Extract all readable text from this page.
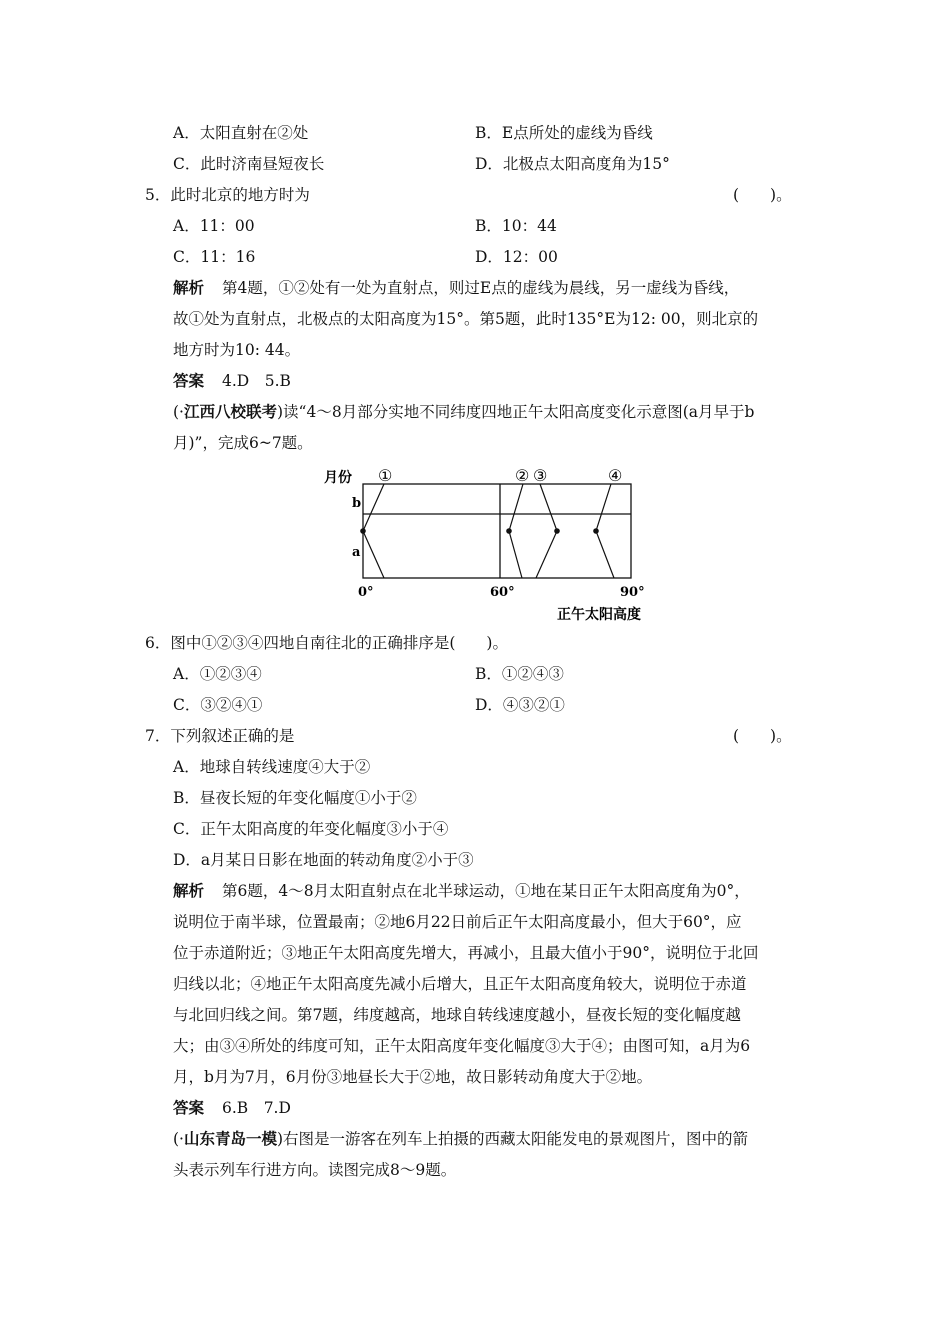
A．太阳直射在②处	B．E点所处的虚线为昏线
C．此时济南昼短夜长	D．北极点太阳高度角为15°
5．此时北京的地方时为	(　　)。
A．11：00	B．10：44
C．11：16	D．12：00
解析 第4题，①②处有一处为直射点，则过E点的虚线为晨线，另一虚线为昏线，
故①处为直射点，北极点的太阳高度为15°。第5题，此时135°E为12: 00，则北京的
地方时为10: 44。
答案 4.D　5.B
(·江西八校联考)读“4～8月部分实地不同纬度四地正午太阳高度变化示意图(a月早于b
月)”，完成6~7题。
月份
b
a
①	② ③	④
0°	60°	90°
正午太阳高度
6．图中①②③④四地自南往北的正确排序是(　　)。
A．①②③④	B．①②④③
C．③②④①	D．④③②①
7．下列叙述正确的是	(　　)。
A．地球自转线速度④大于②
B．昼夜长短的年变化幅度①小于②
C．正午太阳高度的年变化幅度③小于④
D．a月某日日影在地面的转动角度②小于③
解析 第6题，4～8月太阳直射点在北半球运动，①地在某日正午太阳高度角为0°，
说明位于南半球，位置最南；②地6月22日前后正午太阳高度最小，但大于60°，应
位于赤道附近；③地正午太阳高度先增大，再减小，且最大值小于90°，说明位于北回
归线以北；④地正午太阳高度先减小后增大，且正午太阳高度角较大，说明位于赤道
与北回归线之间。第7题，纬度越高，地球自转线速度越小，昼夜长短的变化幅度越
大；由③④所处的纬度可知，正午太阳高度年变化幅度③大于④；由图可知，a月为6
月，b月为7月，6月份③地昼长大于②地，故日影转动角度大于②地。
答案 6.B　7.D
(·山东青岛一模)右图是一游客在列车上拍摄的西藏太阳能发电的景观图片，图中的箭
头表示列车行进方向。读图完成8～9题。
